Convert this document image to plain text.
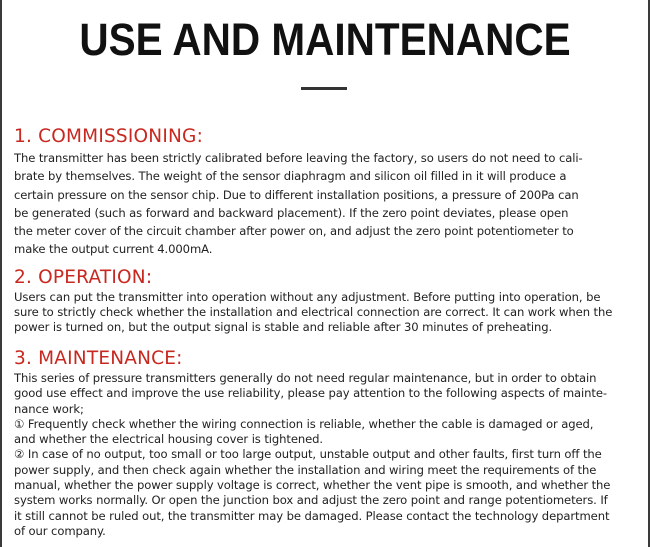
USE AND MAINTENANCE
1. COMMISSIONING:
The transmitter has been strictly calibrated before leaving the factory, so users do not need to cali-
brate by themselves. The weight of the sensor diaphragm and silicon oil filled in it will produce a
certain pressure on the sensor chip. Due to different installation positions, a pressure of 200Pa can
be generated (such as forward and backward placement). If the zero point deviates, please open
the meter cover of the circuit chamber after power on, and adjust the zero point potentiometer to
make the output current 4.000mA.
2. OPERATION:
Users can put the transmitter into operation without any adjustment. Before putting into operation, be
sure to strictly check whether the installation and electrical connection are correct. It can work when the
power is turned on, but the output signal is stable and reliable after 30 minutes of preheating.
3. MAINTENANCE:
This series of pressure transmitters generally do not need regular maintenance, but in order to obtain
good use effect and improve the use reliability, please pay attention to the following aspects of mainte-
nance work;
① Frequently check whether the wiring connection is reliable, whether the cable is damaged or aged,
and whether the electrical housing cover is tightened.
② In case of no output, too small or too large output, unstable output and other faults, first turn off the
power supply, and then check again whether the installation and wiring meet the requirements of the
manual, whether the power supply voltage is correct, whether the vent pipe is smooth, and whether the
system works normally. Or open the junction box and adjust the zero point and range potentiometers. If
it still cannot be ruled out, the transmitter may be damaged. Please contact the technology department
of our company.
